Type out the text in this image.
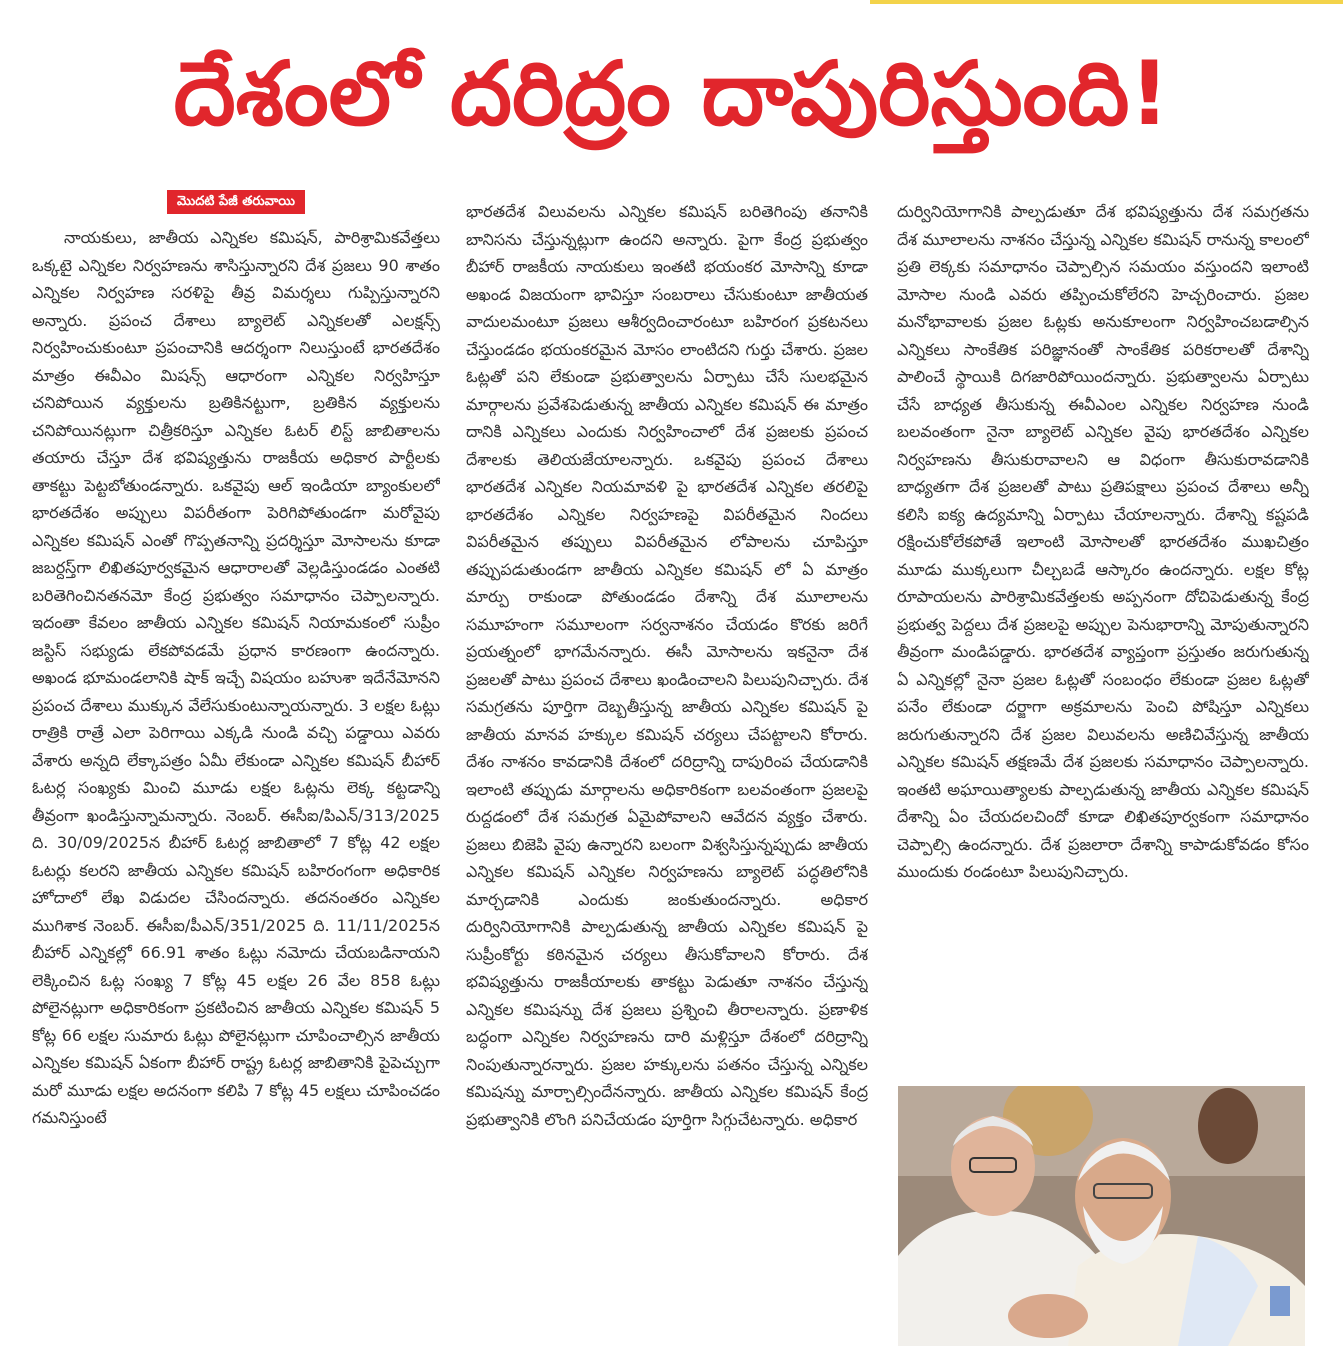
దేశంలో దరిద్రం దాపురిస్తుంది!
మొదటి పేజీ తరువాయి

నాయకులు, జాతీయ ఎన్నికల కమిషన్, పారిశ్రామికవేత్తలు ఒక్కటై ఎన్నికల నిర్వహణను శాసిస్తున్నారని దేశ ప్రజలు 90 శాతం ఎన్నికల నిర్వహణ సరళిపై తీవ్ర విమర్శలు గుప్పిస్తున్నారని అన్నారు. ప్రపంచ దేశాలు బ్యాలెట్ ఎన్నికలతో ఎలక్షన్స్ నిర్వహించుకుంటూ ప్రపంచానికి ఆదర్శంగా నిలుస్తుంటే భారతదేశం మాత్రం ఈవీఎం మిషన్స్ ఆధారంగా ఎన్నికల నిర్వహిస్తూ చనిపోయిన వ్యక్తులను బ్రతికినట్టుగా, బ్రతికిన వ్యక్తులను చనిపోయినట్లుగా చిత్రీకరిస్తూ ఎన్నికల ఓటర్ లిస్ట్ జాబితాలను తయారు చేస్తూ దేశ భవిష్యత్తును రాజకీయ అధికార పార్టీలకు తాకట్టు పెట్టబోతుండన్నారు. ఒకవైపు ఆల్ ఇండియా బ్యాంకులలో భారతదేశం అప్పులు విపరీతంగా పెరిగిపోతుండగా మరోవైపు ఎన్నికల కమిషన్ ఎంతో గొప్పతనాన్ని ప్రదర్శిస్తూ మోసాలను కూడా జబర్దస్త్‌గా లిఖితపూర్వకమైన ఆధారాలతో వెల్లడిస్తుండడం ఎంతటి బరితెగించినతనమో కేంద్ర ప్రభుత్వం సమాధానం చెప్పాలన్నారు. ఇదంతా కేవలం జాతీయ ఎన్నికల కమిషన్ నియామకంలో సుప్రీం జస్టిస్ సభ్యుడు లేకపోవడమే ప్రధాన కారణంగా ఉందన్నారు. అఖండ భూమండలానికి షాక్ ఇచ్చే విషయం బహుశా ఇదేనేమోనని ప్రపంచ దేశాలు ముక్కున వేలేసుకుంటున్నాయన్నారు. 3 లక్షల ఓట్లు రాత్రికి రాత్రే ఎలా పెరిగాయి ఎక్కడి నుండి వచ్చి పడ్డాయి ఎవరు వేశారు అన్నది లేక్కాపత్రం ఏమీ లేకుండా ఎన్నికల కమిషన్ బీహార్ ఓటర్ల సంఖ్యకు మించి మూడు లక్షల ఓట్లను లెక్క కట్టడాన్ని తీవ్రంగా ఖండిస్తున్నామన్నారు. నెంబర్. ఈసీఐ/పిఎన్/313/2025 ది. 30/09/2025న బీహార్ ఓటర్ల జాబితాలో 7 కోట్ల 42 లక్షల ఓటర్లు కలరని జాతీయ ఎన్నికల కమిషన్ బహిరంగంగా అధికారిక హోదాలో లేఖ విడుదల చేసిందన్నారు. తదనంతరం ఎన్నికల ముగిశాక నెంబర్. ఈసీఐ/పీఎన్/351/2025 ది. 11/11/2025న బీహార్ ఎన్నికల్లో 66.91 శాతం ఓట్లు నమోదు చేయబడినాయని లెక్కించిన ఓట్ల సంఖ్య 7 కోట్ల 45 లక్షల 26 వేల 858 ఓట్లు పోలైనట్లుగా అధికారికంగా ప్రకటించిన జాతీయ ఎన్నికల కమిషన్ 5 కోట్ల 66 లక్షల సుమారు ఓట్లు పోలైనట్లుగా చూపించాల్సిన జాతీయ ఎన్నికల కమిషన్ ఏకంగా బీహార్ రాష్ట్ర ఓటర్ల జాబితానికి పైపెచ్చుగా మరో మూడు లక్షల అదనంగా కలిపి 7 కోట్ల 45 లక్షలు చూపించడం గమనిస్తుంటే

భారతదేశ విలువలను ఎన్నికల కమిషన్ బరితెగింపు తనానికి బానిసను చేస్తున్నట్లుగా ఉందని అన్నారు. పైగా కేంద్ర ప్రభుత్వం బీహార్ రాజకీయ నాయకులు ఇంతటి భయంకర మోసాన్ని కూడా అఖండ విజయంగా భావిస్తూ సంబరాలు చేసుకుంటూ జాతీయత వాదులమంటూ ప్రజలు ఆశీర్వదించారంటూ బహిరంగ ప్రకటనలు చేస్తుండడం భయంకరమైన మోసం లాంటిదని గుర్తు చేశారు. ప్రజల ఓట్లతో పని లేకుండా ప్రభుత్వాలను ఏర్పాటు చేసే సులభమైన మార్గాలను ప్రవేశపెడుతున్న జాతీయ ఎన్నికల కమిషన్ ఈ మాత్రం దానికి ఎన్నికలు ఎందుకు నిర్వహించాలో దేశ ప్రజలకు ప్రపంచ దేశాలకు తెలియజేయాలన్నారు. ఒకవైపు ప్రపంచ దేశాలు భారతదేశ ఎన్నికల నియమావళి పై భారతదేశ ఎన్నికల తరలిపై భారతదేశం ఎన్నికల నిర్వహణపై విపరీతమైన నిందలు విపరీతమైన తప్పులు విపరీతమైన లోపాలను చూపిస్తూ తప్పుపడుతుండగా జాతీయ ఎన్నికల కమిషన్ లో ఏ మాత్రం మార్పు రాకుండా పోతుండడం దేశాన్ని దేశ మూలాలను సమూహంగా సమూలంగా సర్వనాశనం చేయడం కొరకు జరిగే ప్రయత్నంలో భాగమేనన్నారు. ఈసీ మోసాలను ఇకనైనా దేశ ప్రజలతో పాటు ప్రపంచ దేశాలు ఖండించాలని పిలుపునిచ్చారు. దేశ సమగ్రతను పూర్తిగా దెబ్బతీస్తున్న జాతీయ ఎన్నికల కమిషన్ పై జాతీయ మానవ హక్కుల కమిషన్ చర్యలు చేపట్టాలని కోరారు. దేశం నాశనం కావడానికి దేశంలో దరిద్రాన్ని దాపురింప చేయడానికి ఇలాంటి తప్పుడు మార్గాలను అధికారికంగా బలవంతంగా ప్రజలపై రుద్దడంలో దేశ సమగ్రత ఏమైపోవాలని ఆవేదన వ్యక్తం చేశారు. ప్రజలు బిజెపి వైపు ఉన్నారని బలంగా విశ్వసిస్తున్నప్పుడు జాతీయ ఎన్నికల కమిషన్ ఎన్నికల నిర్వహణను బ్యాలెట్ పద్ధతిలోనికి మార్చడానికి ఎందుకు జంకుతుందన్నారు. అధికార దుర్వినియోగానికి పాల్పడుతున్న జాతీయ ఎన్నికల కమిషన్ పై సుప్రీంకోర్టు కఠినమైన చర్యలు తీసుకోవాలని కోరారు. దేశ భవిష్యత్తును రాజకీయాలకు తాకట్టు పెడుతూ నాశనం చేస్తున్న ఎన్నికల కమిషన్ను దేశ ప్రజలు ప్రశ్నించి తీరాలన్నారు. ప్రణాళిక బద్ధంగా ఎన్నికల నిర్వహణను దారి మళ్లిస్తూ దేశంలో దరిద్రాన్ని నింపుతున్నారన్నారు. ప్రజల హక్కులను పతనం చేస్తున్న ఎన్నికల కమిషన్ను మార్చాల్సిందేనన్నారు. జాతీయ ఎన్నికల కమిషన్ కేంద్ర ప్రభుత్వానికి లొంగి పనిచేయడం పూర్తిగా సిగ్గుచేటన్నారు. అధికార

దుర్వినియోగానికి పాల్పడుతూ దేశ భవిష్యత్తును దేశ సమగ్రతను దేశ మూలాలను నాశనం చేస్తున్న ఎన్నికల కమిషన్ రానున్న కాలంలో ప్రతి లెక్కకు సమాధానం చెప్పాల్సిన సమయం వస్తుందని ఇలాంటి మోసాల నుండి ఎవరు తప్పించుకోలేరని హెచ్చరించారు. ప్రజల మనోభావాలకు ప్రజల ఓట్లకు అనుకూలంగా నిర్వహించబడాల్సిన ఎన్నికలు సాంకేతిక పరిజ్ఞానంతో సాంకేతిక పరికరాలతో దేశాన్ని పాలించే స్థాయికి దిగజారిపోయిందన్నారు. ప్రభుత్వాలను ఏర్పాటు చేసే బాధ్యత తీసుకున్న ఈవీఎంల ఎన్నికల నిర్వహణ నుండి బలవంతంగా నైనా బ్యాలెట్ ఎన్నికల వైపు భారతదేశం ఎన్నికల నిర్వహణను తీసుకురావాలని ఆ విధంగా తీసుకురావడానికి బాధ్యతగా దేశ ప్రజలతో పాటు ప్రతిపక్షాలు ప్రపంచ దేశాలు అన్నీ కలిసి ఐక్య ఉద్యమాన్ని ఏర్పాటు చేయాలన్నారు. దేశాన్ని కష్టపడి రక్షించుకోలేకపోతే ఇలాంటి మోసాలతో భారతదేశం ముఖచిత్రం మూడు ముక్కలుగా చీల్చబడే ఆస్కారం ఉందన్నారు. లక్షల కోట్ల రూపాయలను పారిశ్రామికవేత్తలకు అప్పనంగా దోచిపెడుతున్న కేంద్ర ప్రభుత్వ పెద్దలు దేశ ప్రజలపై అప్పుల పెనుభారాన్ని మోపుతున్నారని తీవ్రంగా మండిపడ్డారు. భారతదేశ వ్యాప్తంగా ప్రస్తుతం జరుగుతున్న ఏ ఎన్నికల్లో నైనా ప్రజల ఓట్లతో సంబంధం లేకుండా ప్రజల ఓట్లతో పనేం లేకుండా దర్జాగా అక్రమాలను పెంచి పోషిస్తూ ఎన్నికలు జరుగుతున్నారని దేశ ప్రజల విలువలను అణిచివేస్తున్న జాతీయ ఎన్నికల కమిషన్ తక్షణమే దేశ ప్రజలకు సమాధానం చెప్పాలన్నారు. ఇంతటి అఘాయిత్యాలకు పాల్పడుతున్న జాతీయ ఎన్నికల కమిషన్ దేశాన్ని ఏం చేయదలచిందో కూడా లిఖితపూర్వకంగా సమాధానం చెప్పాల్సి ఉందన్నారు. దేశ ప్రజలారా దేశాన్ని కాపాడుకోవడం కోసం ముందుకు రండంటూ పిలుపునిచ్చారు.
